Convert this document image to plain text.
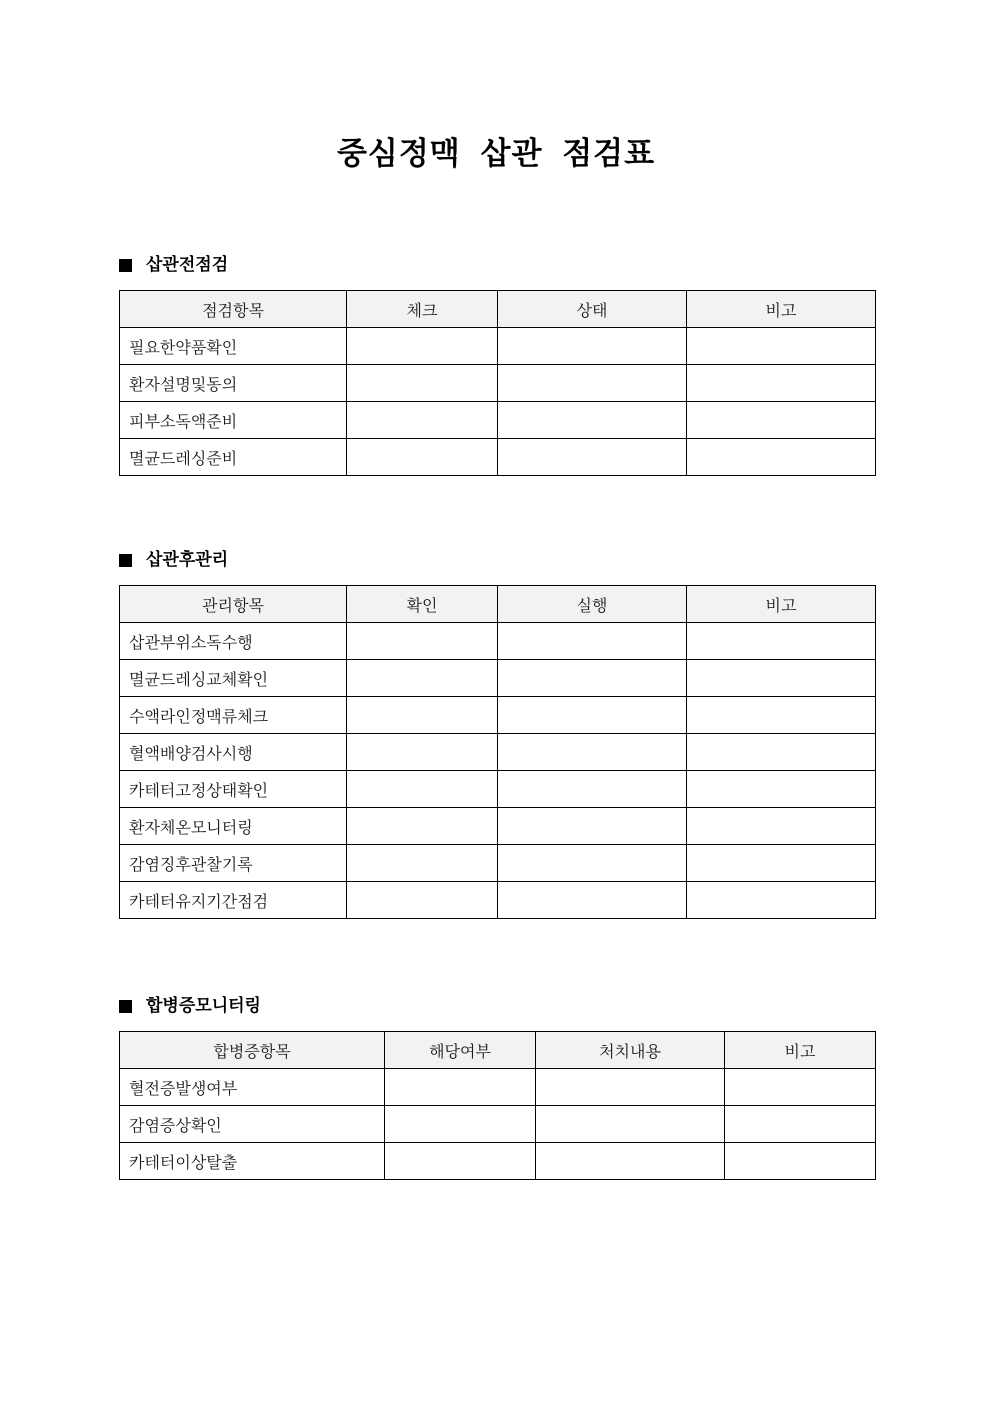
중심정맥 삽관 점검표
삽관전점검
점검항목	체크	상태	비고
필요한약품확인			
환자설명및동의			
피부소독액준비			
멸균드레싱준비			
삽관후관리
관리항목	확인	실행	비고
삽관부위소독수행			
멸균드레싱교체확인			
수액라인정맥류체크			
혈액배양검사시행			
카테터고정상태확인			
환자체온모니터링			
감염징후관찰기록			
카테터유지기간점검			
합병증모니터링
합병증항목	해당여부	처치내용	비고
혈전증발생여부			
감염증상확인			
카테터이상탈출			
